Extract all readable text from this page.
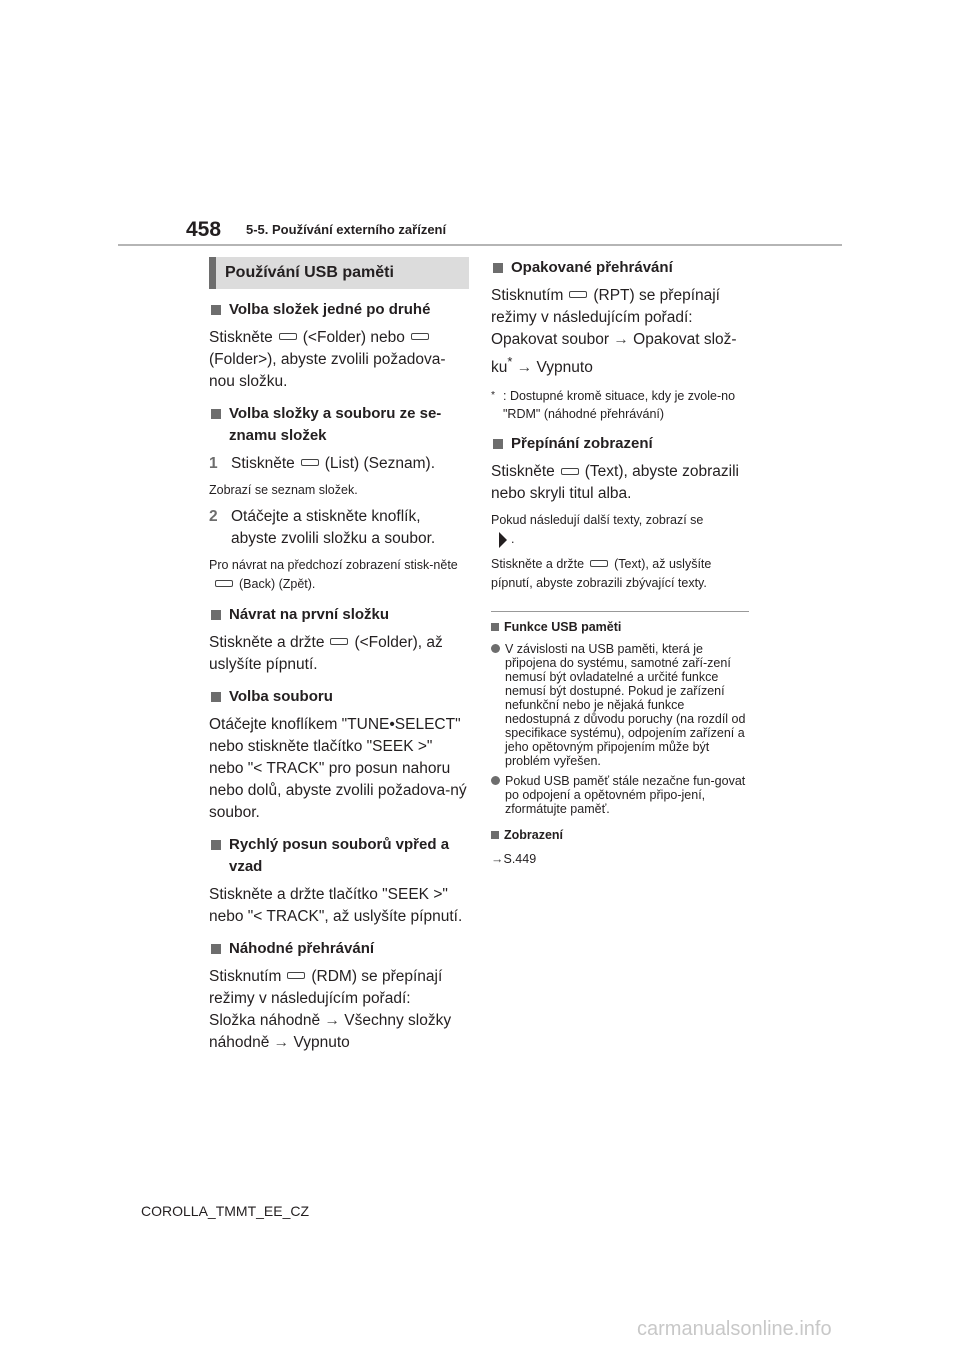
458 5-5. Používání externího zařízení
Používání USB paměti
Volba složek jedné po druhé
Stiskněte (<Folder) nebo(Folder>), abyste zvolili požadova-nou složku.
Volba složky a souboru ze se-znamu složek
1 Stiskněte (List) (Seznam).
Zobrazí se seznam složek.
2 Otáčejte a stiskněte knoflík, abyste zvolili složku a soubor.
Pro návrat na předchozí zobrazení stisk-něte(Back) (Zpět).
Návrat na první složku
Stiskněte a držte (<Folder), až uslyšíte pípnutí.
Volba souboru
Otáčejte knoflíkem "TUNE•SELECT" nebo stiskněte tlačítko "SEEK >" nebo "< TRACK" pro posun nahoru nebo dolů, abyste zvolili požadova-ný soubor.
Rychlý posun souborů vpřed a vzad
Stiskněte a držte tlačítko "SEEK >" nebo "< TRACK", až uslyšíte pípnutí.
Náhodné přehrávání
Stisknutím (RDM) se přepínají režimy v následujícím pořadí:
Složka náhodně → Všechny složky náhodně → Vypnuto
Opakované přehrávání
Stisknutím (RPT) se přepínají režimy v následujícím pořadí:
Opakovat soubor → Opakovat slož-ku* → Vypnuto
* : Dostupné kromě situace, kdy je zvole-no "RDM" (náhodné přehrávání)
Přepínání zobrazení
Stiskněte (Text), abyste zobrazili nebo skryli titul alba.
Pokud následují další texty, zobrazí se
.
Stiskněte a držte (Text), až uslyšíte pípnutí, abyste zobrazili zbývající texty.
Funkce USB paměti
V závislosti na USB paměti, která je připojena do systému, samotné zaří-zení nemusí být ovladatelné a určité funkce nemusí být dostupné. Pokud je zařízení nefunkční nebo je nějaká funkce nedostupná z důvodu poruchy (na rozdíl od specifikace systému), odpojením zařízení a jeho opětovným připojením může být problém vyřešen.
Pokud USB paměť stále nezačne fun-govat po odpojení a opětovném připo-jení, zformátujte paměť.
Zobrazení
→S.449
COROLLA_TMMT_EE_CZ
carmanualsonline.info
